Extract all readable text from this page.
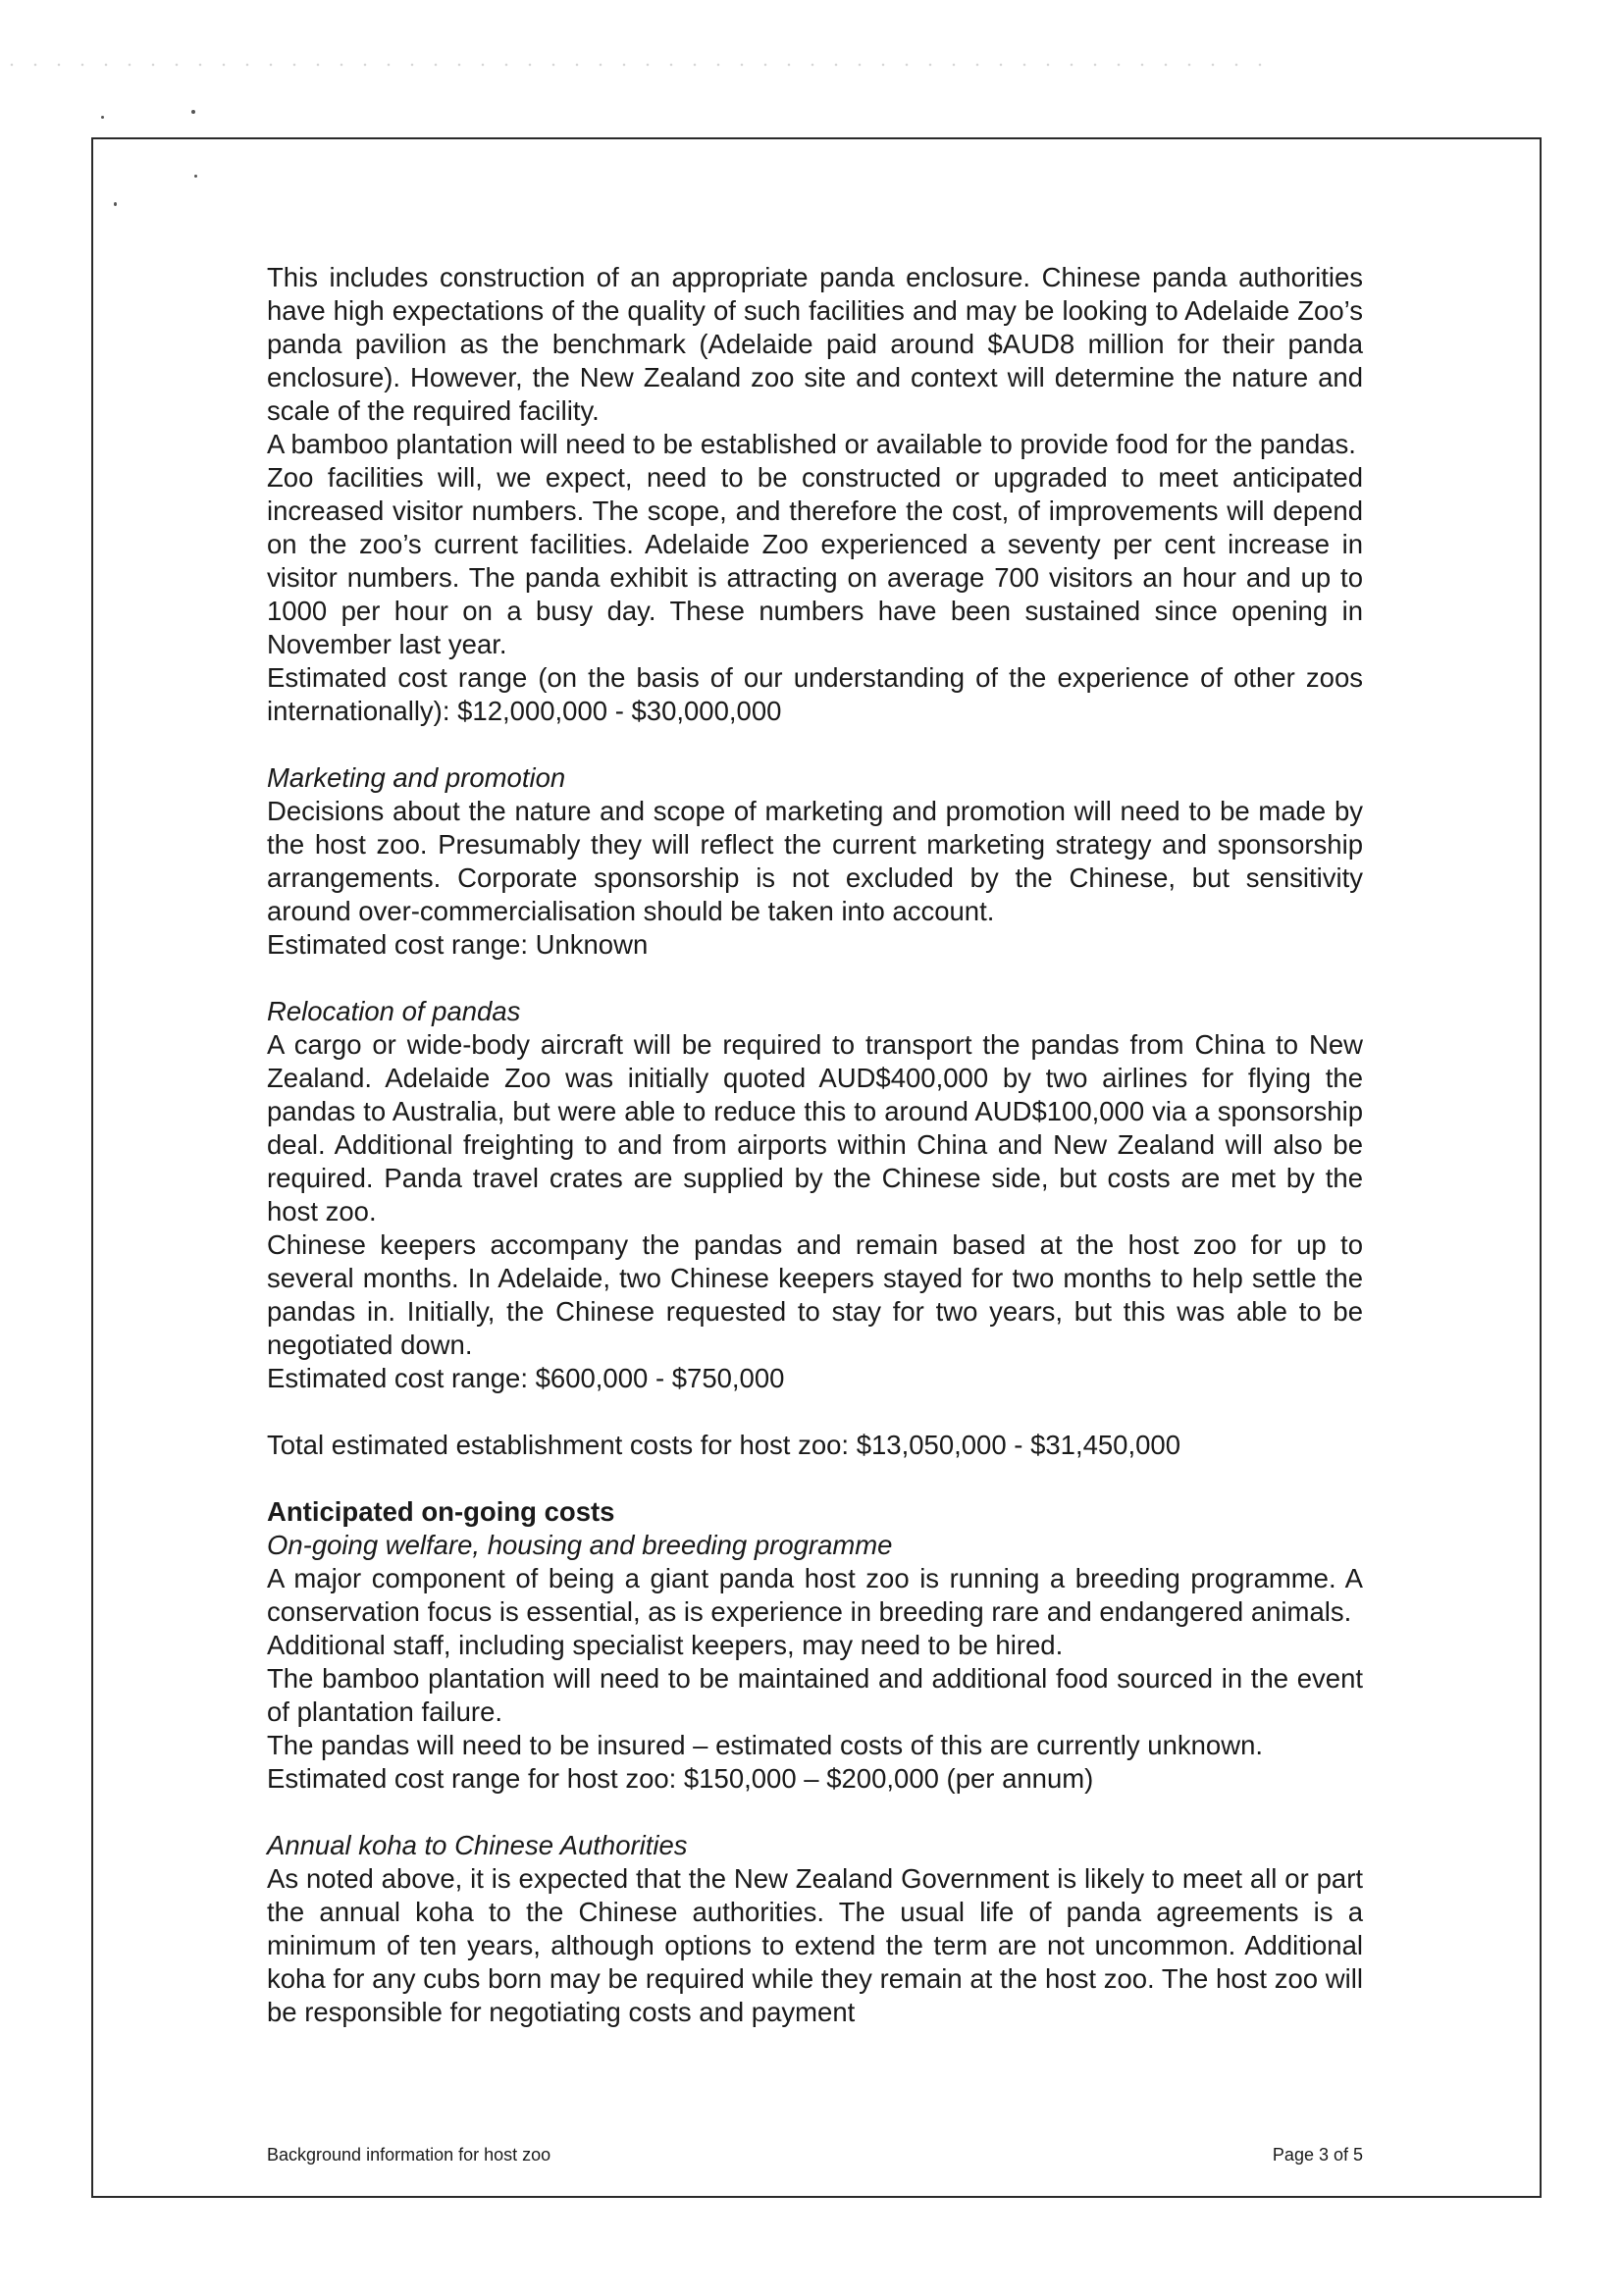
This includes construction of an appropriate panda enclosure. Chinese panda authorities have high expectations of the quality of such facilities and may be looking to Adelaide Zoo’s panda pavilion as the benchmark (Adelaide paid around $AUD8 million for their panda enclosure). However, the New Zealand zoo site and context will determine the nature and scale of the required facility.

A bamboo plantation will need to be established or available to provide food for the pandas.

Zoo facilities will, we expect, need to be constructed or upgraded to meet anticipated increased visitor numbers. The scope, and therefore the cost, of improvements will depend on the zoo’s current facilities. Adelaide Zoo experienced a seventy per cent increase in visitor numbers. The panda exhibit is attracting on average 700 visitors an hour and up to 1000 per hour on a busy day. These numbers have been sustained since opening in November last year.

Estimated cost range (on the basis of our understanding of the experience of other zoos internationally): $12,000,000 - $30,000,000

Marketing and promotion

Decisions about the nature and scope of marketing and promotion will need to be made by the host zoo. Presumably they will reflect the current marketing strategy and sponsorship arrangements. Corporate sponsorship is not excluded by the Chinese, but sensitivity around over-commercialisation should be taken into account.

Estimated cost range: Unknown

Relocation of pandas

A cargo or wide-body aircraft will be required to transport the pandas from China to New Zealand. Adelaide Zoo was initially quoted AUD$400,000 by two airlines for flying the pandas to Australia, but were able to reduce this to around AUD$100,000 via a sponsorship deal. Additional freighting to and from airports within China and New Zealand will also be required. Panda travel crates are supplied by the Chinese side, but costs are met by the host zoo.

Chinese keepers accompany the pandas and remain based at the host zoo for up to several months. In Adelaide, two Chinese keepers stayed for two months to help settle the pandas in. Initially, the Chinese requested to stay for two years, but this was able to be negotiated down.

Estimated cost range: $600,000 - $750,000

Total estimated establishment costs for host zoo: $13,050,000 - $31,450,000

Anticipated on-going costs

On-going welfare, housing and breeding programme

A major component of being a giant panda host zoo is running a breeding programme. A conservation focus is essential, as is experience in breeding rare and endangered animals.

Additional staff, including specialist keepers, may need to be hired.

The bamboo plantation will need to be maintained and additional food sourced in the event of plantation failure.

The pandas will need to be insured – estimated costs of this are currently unknown.

Estimated cost range for host zoo: $150,000 – $200,000 (per annum)

Annual koha to Chinese Authorities

As noted above, it is expected that the New Zealand Government is likely to meet all or part the annual koha to the Chinese authorities. The usual life of panda agreements is a minimum of ten years, although options to extend the term are not uncommon. Additional koha for any cubs born may be required while they remain at the host zoo. The host zoo will be responsible for negotiating costs and payment

Background information for host zoo	Page 3 of 5
